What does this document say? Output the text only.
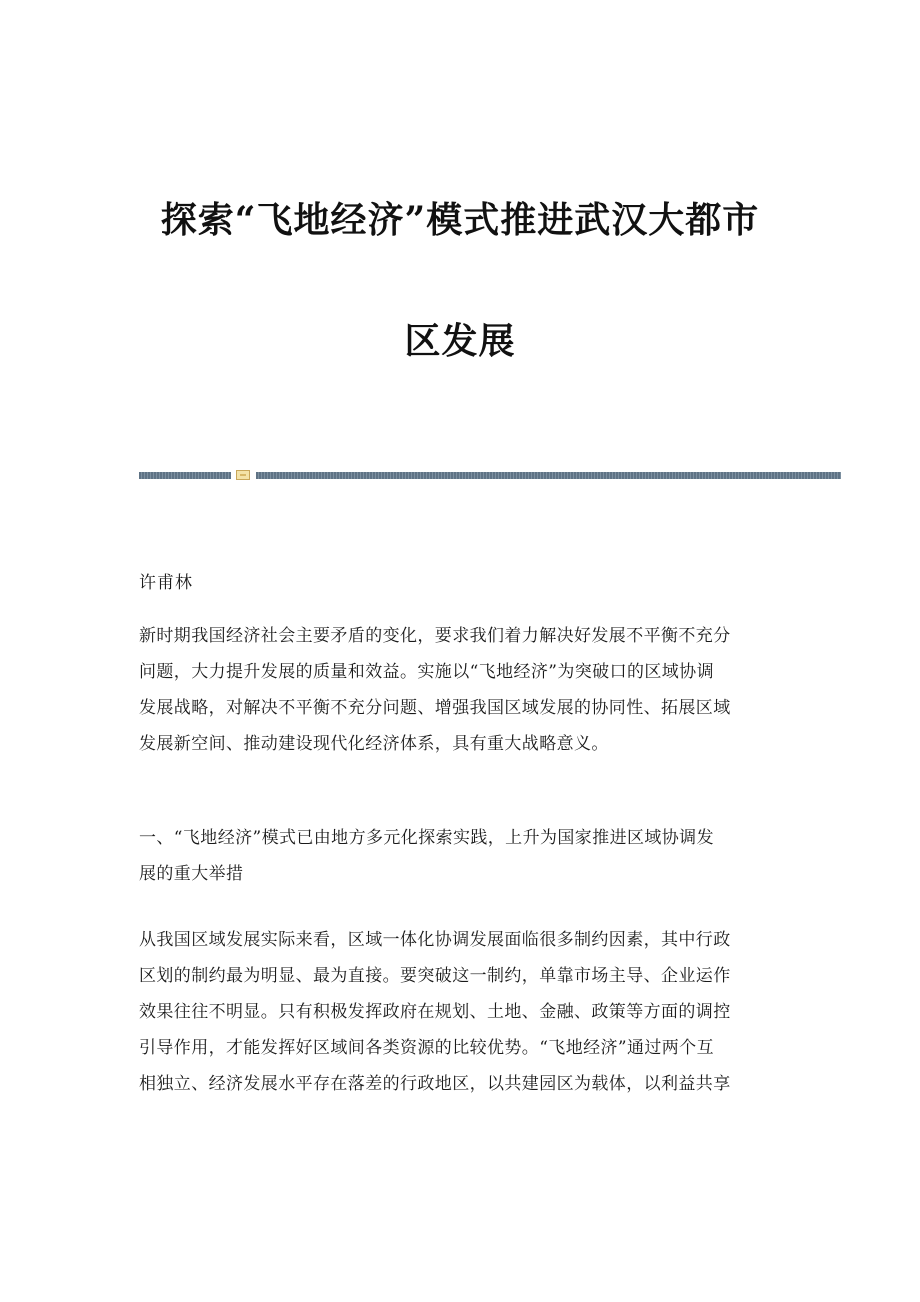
探索“飞地经济”模式推进武汉大都市
区发展
许甫林
新时期我国经济社会主要矛盾的变化，要求我们着力解决好发展不平衡不充分
问题，大力提升发展的质量和效益。实施以“飞地经济”为突破口的区域协调
发展战略，对解决不平衡不充分问题、增强我国区域发展的协同性、拓展区域
发展新空间、推动建设现代化经济体系，具有重大战略意义。
一、“飞地经济”模式已由地方多元化探索实践，上升为国家推进区域协调发
展的重大举措
从我国区域发展实际来看，区域一体化协调发展面临很多制约因素，其中行政
区划的制约最为明显、最为直接。要突破这一制约，单靠市场主导、企业运作
效果往往不明显。只有积极发挥政府在规划、土地、金融、政策等方面的调控
引导作用，才能发挥好区域间各类资源的比较优势。“飞地经济”通过两个互
相独立、经济发展水平存在落差的行政地区，以共建园区为载体，以利益共享
